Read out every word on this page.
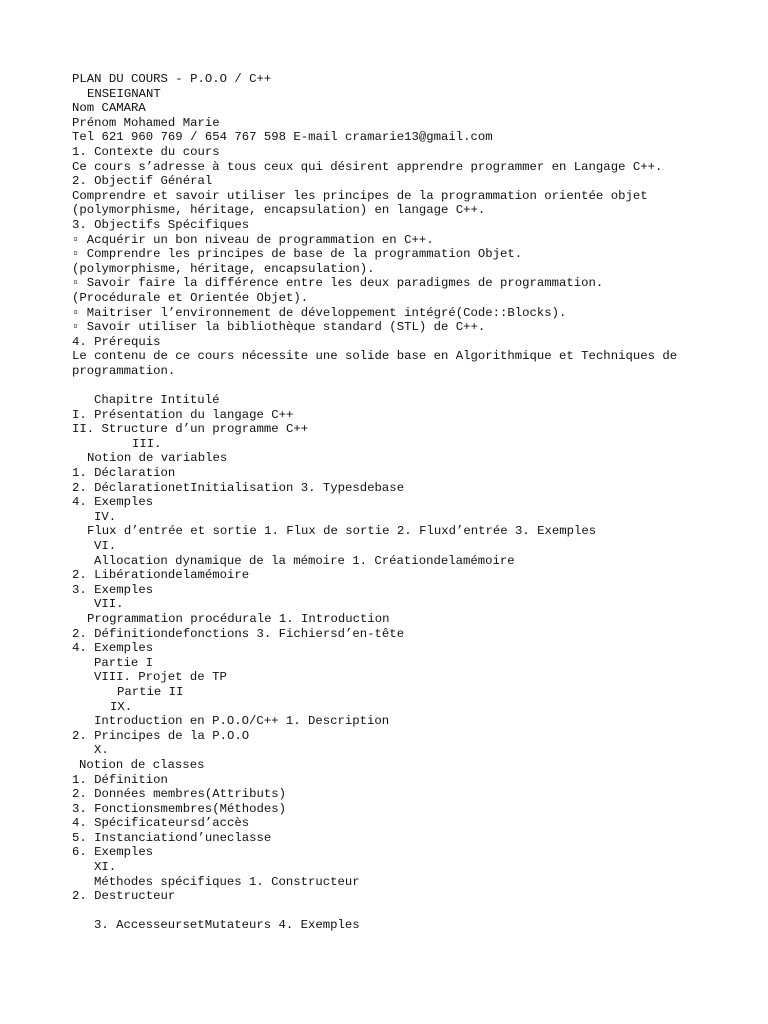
PLAN DU COURS - P.O.O / C++
ENSEIGNANT
Nom CAMARA
Prénom Mohamed Marie
Tel 621 960 769 / 654 767 598 E-mail cramarie13@gmail.com
1. Contexte du cours
Ce cours s’adresse à tous ceux qui désirent apprendre programmer en Langage C++.
2. Objectif Général
Comprendre et savoir utiliser les principes de la programmation orientée objet
(polymorphisme, héritage, encapsulation) en langage C++.
3. Objectifs Spécifiques
▫ Acquérir un bon niveau de programmation en C++.
▫ Comprendre les principes de base de la programmation Objet.
(polymorphisme, héritage, encapsulation).
▫ Savoir faire la différence entre les deux paradigmes de programmation.
(Procédurale et Orientée Objet).
▫ Maitriser l’environnement de développement intégré(Code::Blocks).
▫ Savoir utiliser la bibliothèque standard (STL) de C++.
4. Prérequis
Le contenu de ce cours nécessite une solide base en Algorithmique et Techniques de
programmation.
Chapitre Intitulé
I. Présentation du langage C++
II. Structure d’un programme C++
III.
Notion de variables
1. Déclaration
2. DéclarationetInitialisation 3. Typesdebase
4. Exemples
IV.
Flux d’entrée et sortie 1. Flux de sortie 2. Fluxd’entrée 3. Exemples
VI.
Allocation dynamique de la mémoire 1. Créationdelamémoire
2. Libérationdelamémoire
3. Exemples
VII.
Programmation procédurale 1. Introduction
2. Définitiondefonctions 3. Fichiersd’en-tête
4. Exemples
Partie I
VIII. Projet de TP
Partie II
IX.
Introduction en P.O.O/C++ 1. Description
2. Principes de la P.O.O
X.
Notion de classes
1. Définition
2. Données membres(Attributs)
3. Fonctionsmembres(Méthodes)
4. Spécificateursd’accès
5. Instanciationd’uneclasse
6. Exemples
XI.
Méthodes spécifiques 1. Constructeur
2. Destructeur
3. AccesseursetMutateurs 4. Exemples
